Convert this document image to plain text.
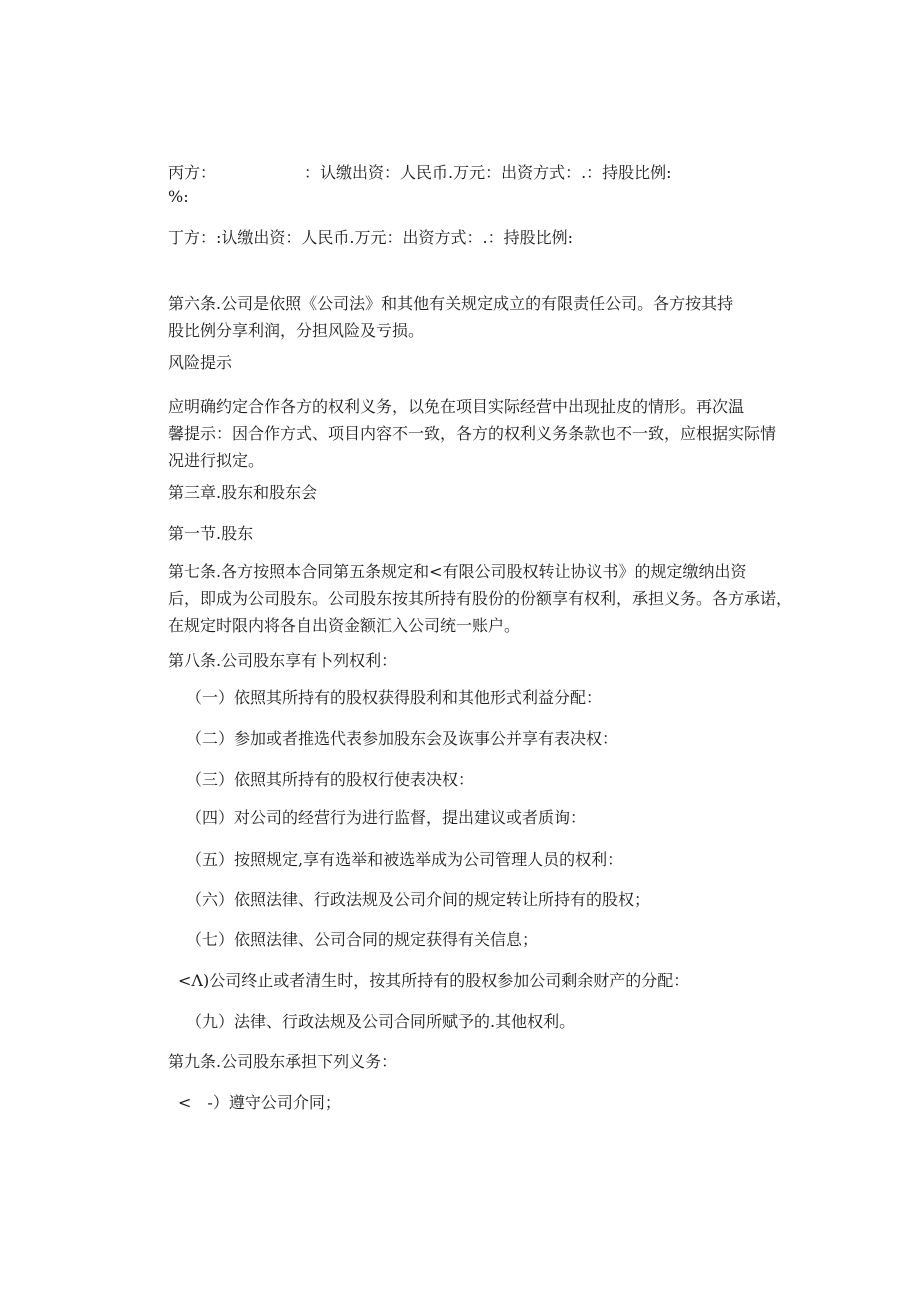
丙方：　　　　　　：认缴出资：人民币.万元：出资方式：.：持股比例:
%:
丁方：:认缴出资：人民币.万元：出资方式：.：持股比例:
第六条.公司是依照《公司法》和其他有关规定成立的有限责任公司。各方按其持
股比例分享利润，分担风险及亏损。
风险提示
应明确约定合作各方的权利义务，以免在项目实际经营中出现扯皮的情形。再次温
馨提示：因合作方式、项目内容不一致，各方的权利义务条款也不一致，应根据实际情
况进行拟定。
第三章.股东和股东会
第一节.股东
第七条.各方按照本合同第五条规定和<有限公司股权转让协议书》的规定缴纳出资
后，即成为公司股东。公司股东按其所持有股份的份额享有权利，承担义务。各方承诺，
在规定时限内将各自出资金额汇入公司统一账户。
第八条.公司股东享有卜列权利：
（一）依照其所持有的股权获得股利和其他形式利益分配：
（二）参加或者推选代表参加股东会及诙事公并享有表决权：
（三）依照其所持有的股权行使表决权：
（四）对公司的经营行为进行监督，提出建议或者质询：
（五）按照规定,享有选举和被选举成为公司管理人员的权利：
（六）依照法律、行政法规及公司介间的规定转让所持有的股权；
（七）依照法律、公司合同的规定获得有关信息；
<Λ)公司终止或者清生时，按其所持有的股权参加公司剩余财产的分配：
（九）法律、行政法规及公司合同所赋予的.其他权利。
第九条.公司股东承担下列义务：
<　-）遵守公司介同；
